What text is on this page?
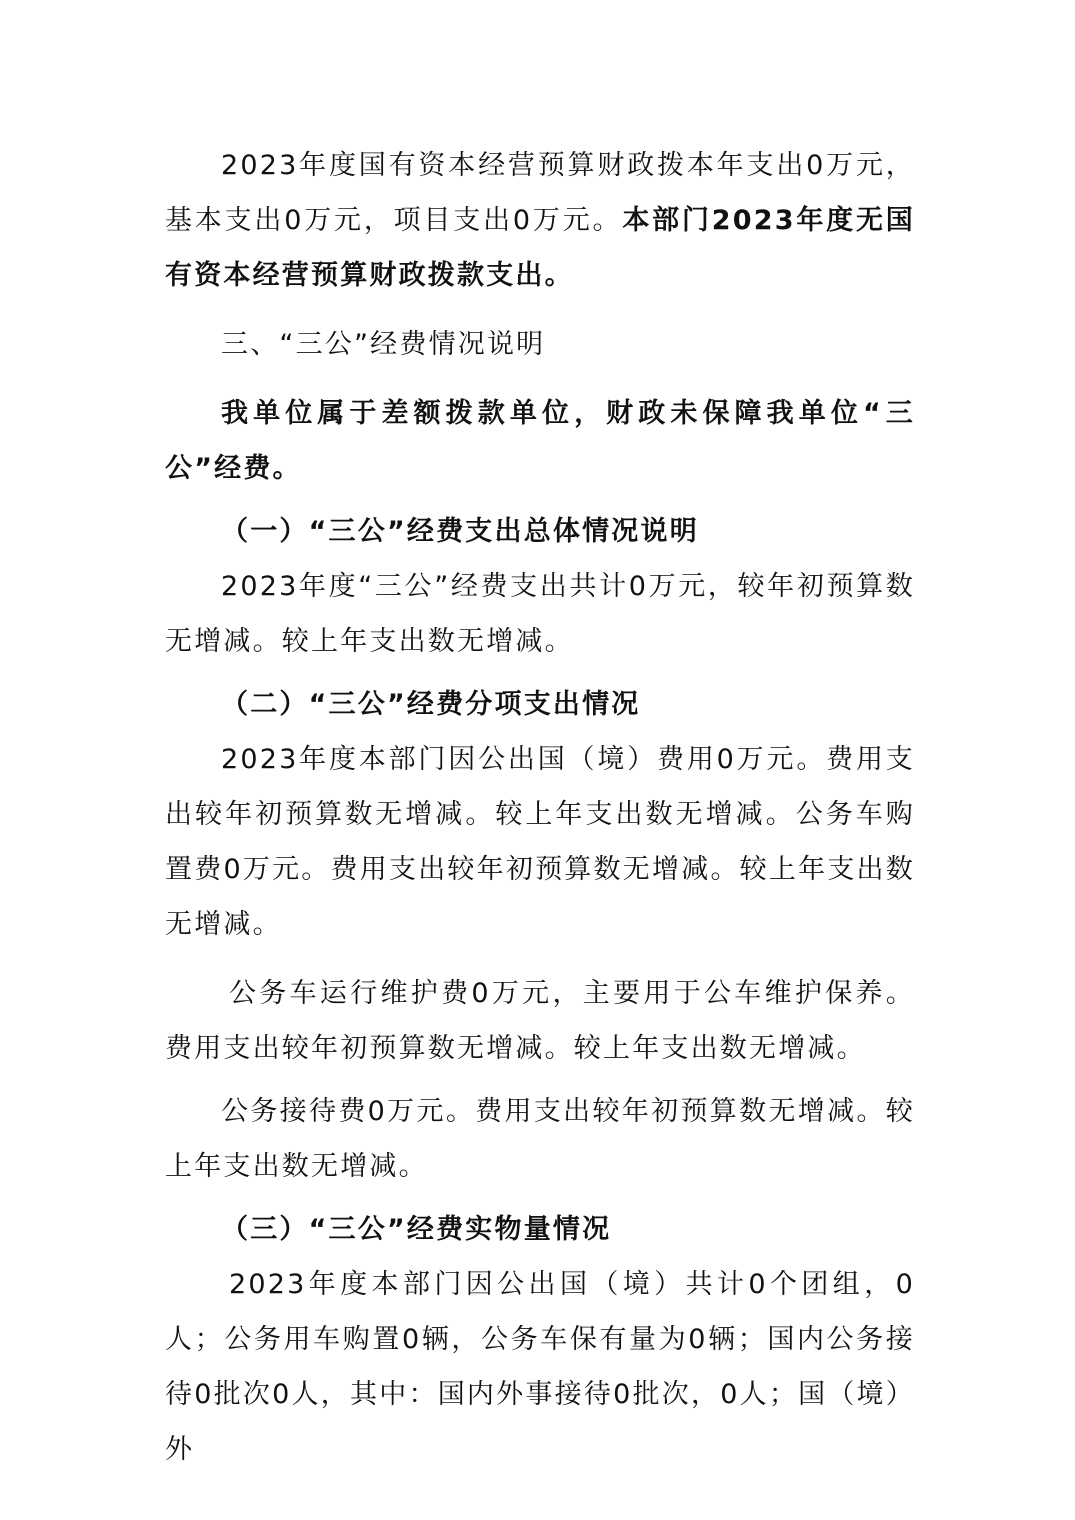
2023年度国有资本经营预算财政拨本年支出0万元，基本支出0万元，项目支出0万元。本部门2023年度无国有资本经营预算财政拨款支出。

三、“三公”经费情况说明

我单位属于差额拨款单位，财政未保障我单位“三公”经费。

（一）“三公”经费支出总体情况说明

2023年度“三公”经费支出共计0万元，较年初预算数无增减。较上年支出数无增减。

（二）“三公”经费分项支出情况

2023年度本部门因公出国（境）费用0万元。费用支出较年初预算数无增减。较上年支出数无增减。公务车购置费0万元。费用支出较年初预算数无增减。较上年支出数无增减。

公务车运行维护费0万元，主要用于公车维护保养。费用支出较年初预算数无增减。较上年支出数无增减。

公务接待费0万元。费用支出较年初预算数无增减。较上年支出数无增减。

（三）“三公”经费实物量情况

2023年度本部门因公出国（境）共计0个团组，0人；公务用车购置0辆，公务车保有量为0辆；国内公务接待0批次0人，其中：国内外事接待0批次，0人；国（境）外
